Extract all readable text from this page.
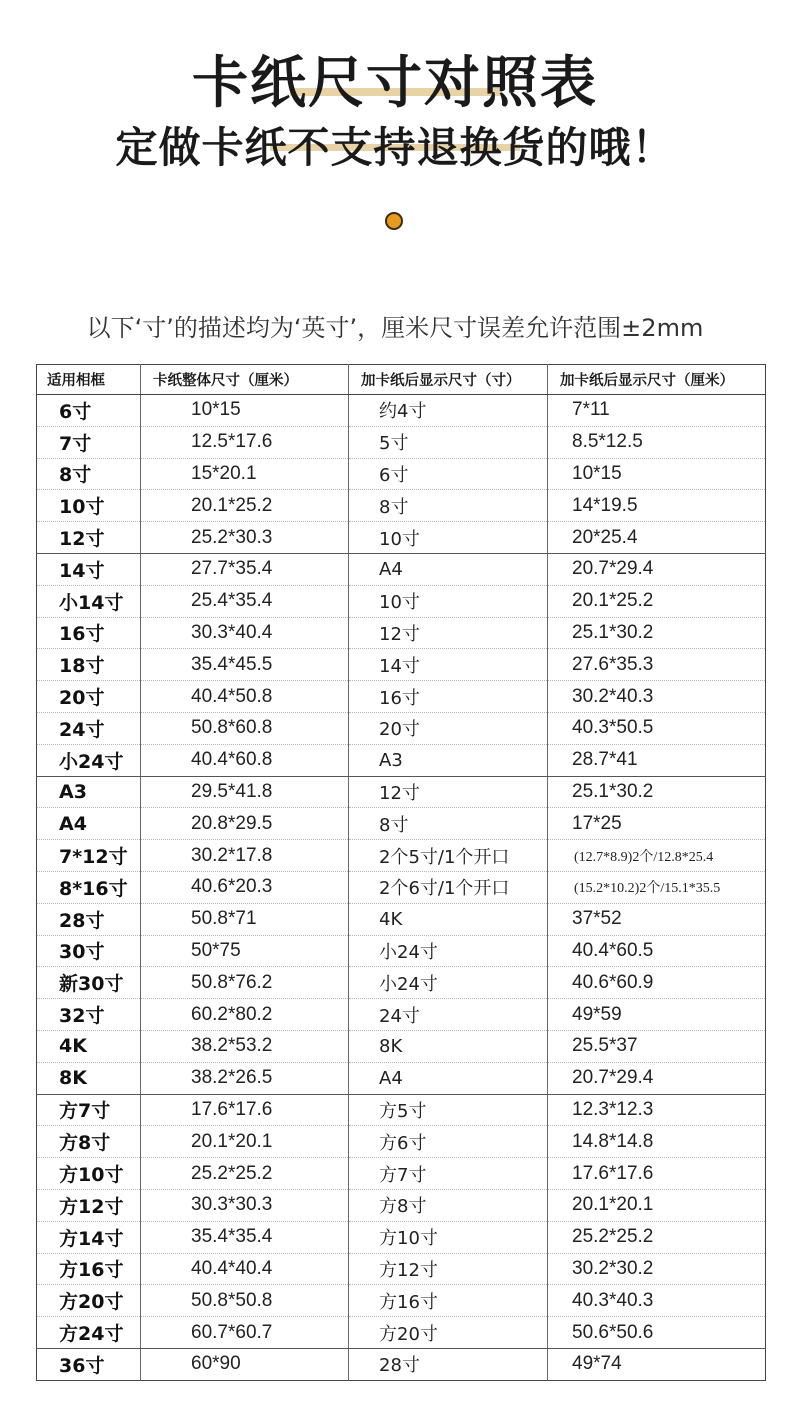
卡纸尺寸对照表
定做卡纸不支持退换货的哦！
以下‘寸’的描述均为‘英寸’，厘米尺寸误差允许范围±2mm
适用相框	卡纸整体尺寸（厘米）	加卡纸后显示尺寸（寸）	加卡纸后显示尺寸（厘米）
6寸	10*15	约4寸	7*11
7寸	12.5*17.6	5寸	8.5*12.5
8寸	15*20.1	6寸	10*15
10寸	20.1*25.2	8寸	14*19.5
12寸	25.2*30.3	10寸	20*25.4
14寸	27.7*35.4	A4	20.7*29.4
小14寸	25.4*35.4	10寸	20.1*25.2
16寸	30.3*40.4	12寸	25.1*30.2
18寸	35.4*45.5	14寸	27.6*35.3
20寸	40.4*50.8	16寸	30.2*40.3
24寸	50.8*60.8	20寸	40.3*50.5
小24寸	40.4*60.8	A3	28.7*41
A3	29.5*41.8	12寸	25.1*30.2
A4	20.8*29.5	8寸	17*25
7*12寸	30.2*17.8	2个5寸/1个开口	(12.7*8.9)2个/12.8*25.4
8*16寸	40.6*20.3	2个6寸/1个开口	(15.2*10.2)2个/15.1*35.5
28寸	50.8*71	4K	37*52
30寸	50*75	小24寸	40.4*60.5
新30寸	50.8*76.2	小24寸	40.6*60.9
32寸	60.2*80.2	24寸	49*59
4K	38.2*53.2	8K	25.5*37
8K	38.2*26.5	A4	20.7*29.4
方7寸	17.6*17.6	方5寸	12.3*12.3
方8寸	20.1*20.1	方6寸	14.8*14.8
方10寸	25.2*25.2	方7寸	17.6*17.6
方12寸	30.3*30.3	方8寸	20.1*20.1
方14寸	35.4*35.4	方10寸	25.2*25.2
方16寸	40.4*40.4	方12寸	30.2*30.2
方20寸	50.8*50.8	方16寸	40.3*40.3
方24寸	60.7*60.7	方20寸	50.6*50.6
36寸	60*90	28寸	49*74
